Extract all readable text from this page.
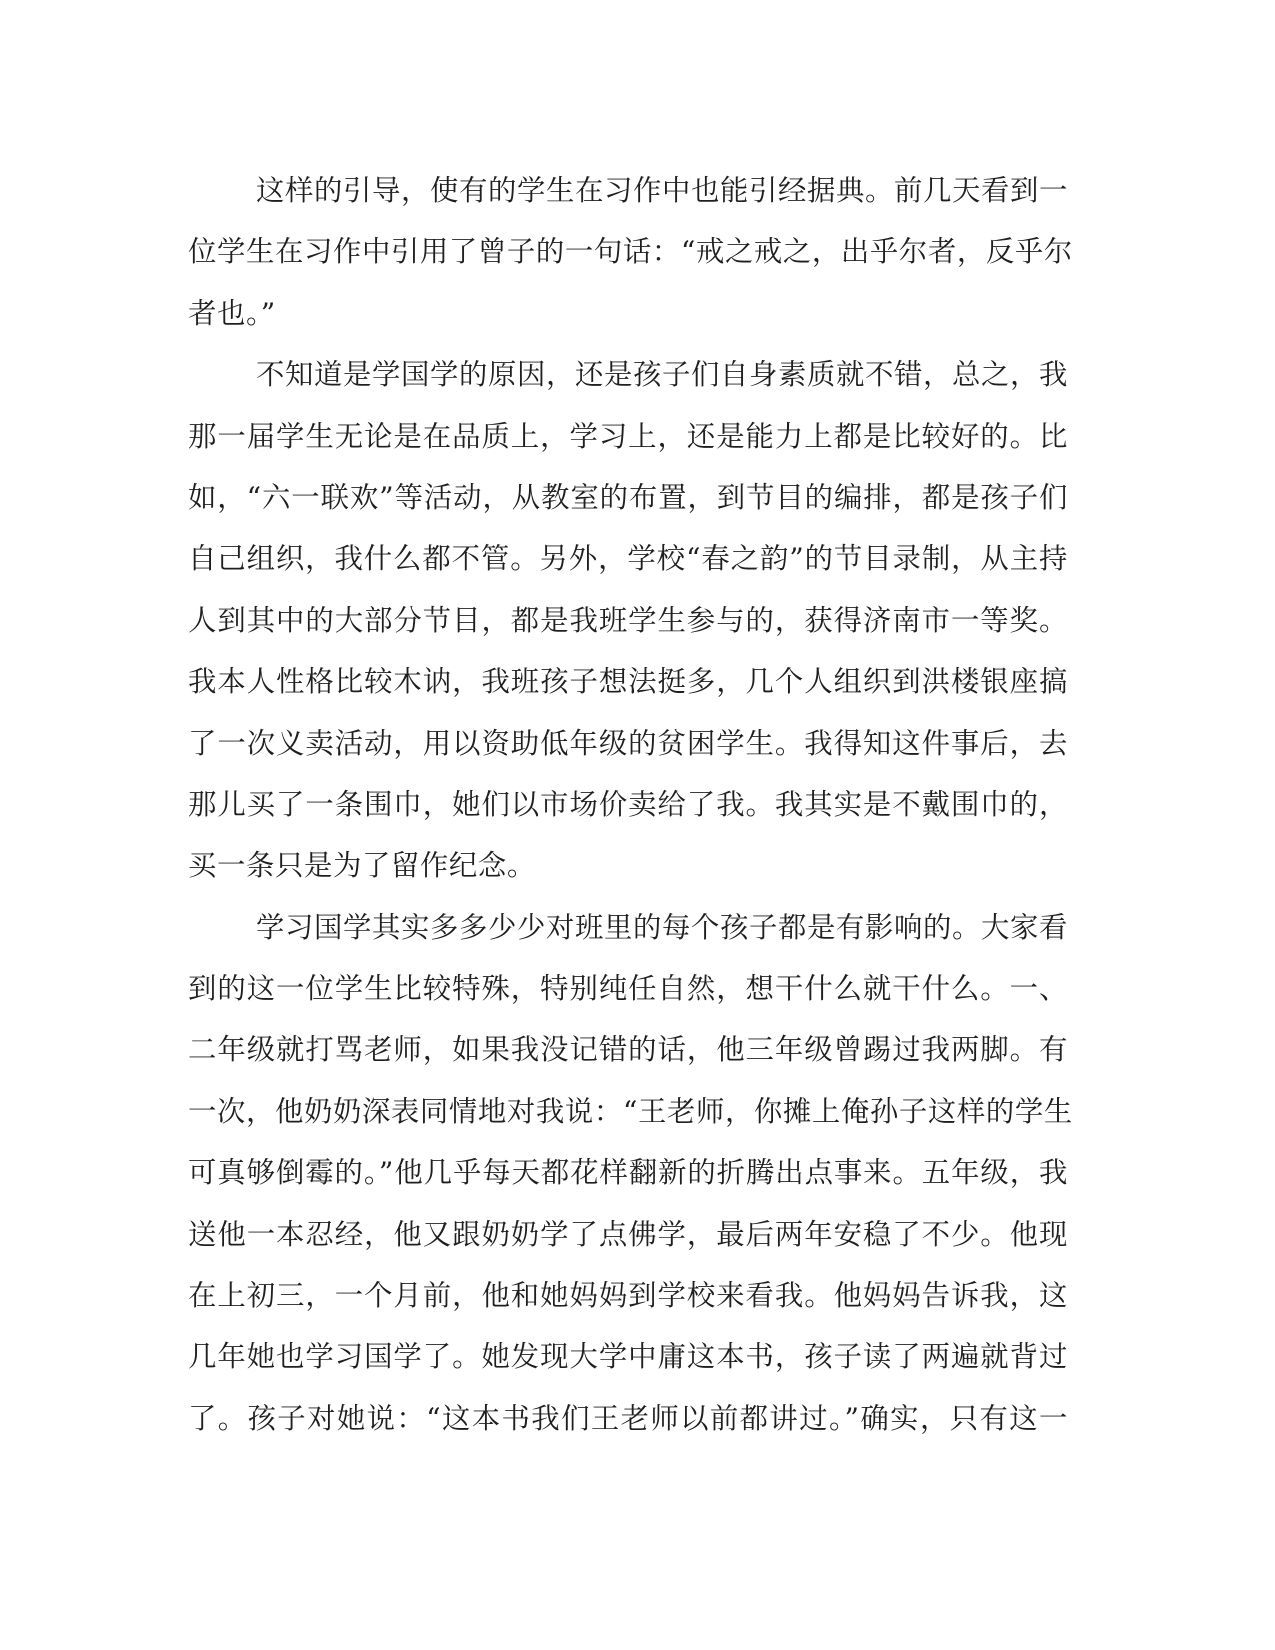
这样的引导，使有的学生在习作中也能引经据典。前几天看到一
位学生在习作中引用了曾子的一句话：“戒之戒之，出乎尔者，反乎尔
者也。”
不知道是学国学的原因，还是孩子们自身素质就不错，总之，我
那一届学生无论是在品质上，学习上，还是能力上都是比较好的。比
如，“六一联欢”等活动，从教室的布置，到节目的编排，都是孩子们
自己组织，我什么都不管。另外，学校“春之韵”的节目录制，从主持
人到其中的大部分节目，都是我班学生参与的，获得济南市一等奖。
我本人性格比较木讷，我班孩子想法挺多，几个人组织到洪楼银座搞
了一次义卖活动，用以资助低年级的贫困学生。我得知这件事后，去
那儿买了一条围巾，她们以市场价卖给了我。我其实是不戴围巾的，
买一条只是为了留作纪念。
学习国学其实多多少少对班里的每个孩子都是有影响的。大家看
到的这一位学生比较特殊，特别纯任自然，想干什么就干什么。一、
二年级就打骂老师，如果我没记错的话，他三年级曾踢过我两脚。有
一次，他奶奶深表同情地对我说：“王老师，你摊上俺孙子这样的学生
可真够倒霉的。”他几乎每天都花样翻新的折腾出点事来。五年级，我
送他一本忍经，他又跟奶奶学了点佛学，最后两年安稳了不少。他现
在上初三，一个月前，他和她妈妈到学校来看我。他妈妈告诉我，这
几年她也学习国学了。她发现大学中庸这本书，孩子读了两遍就背过
了。孩子对她说：“这本书我们王老师以前都讲过。”确实，只有这一
